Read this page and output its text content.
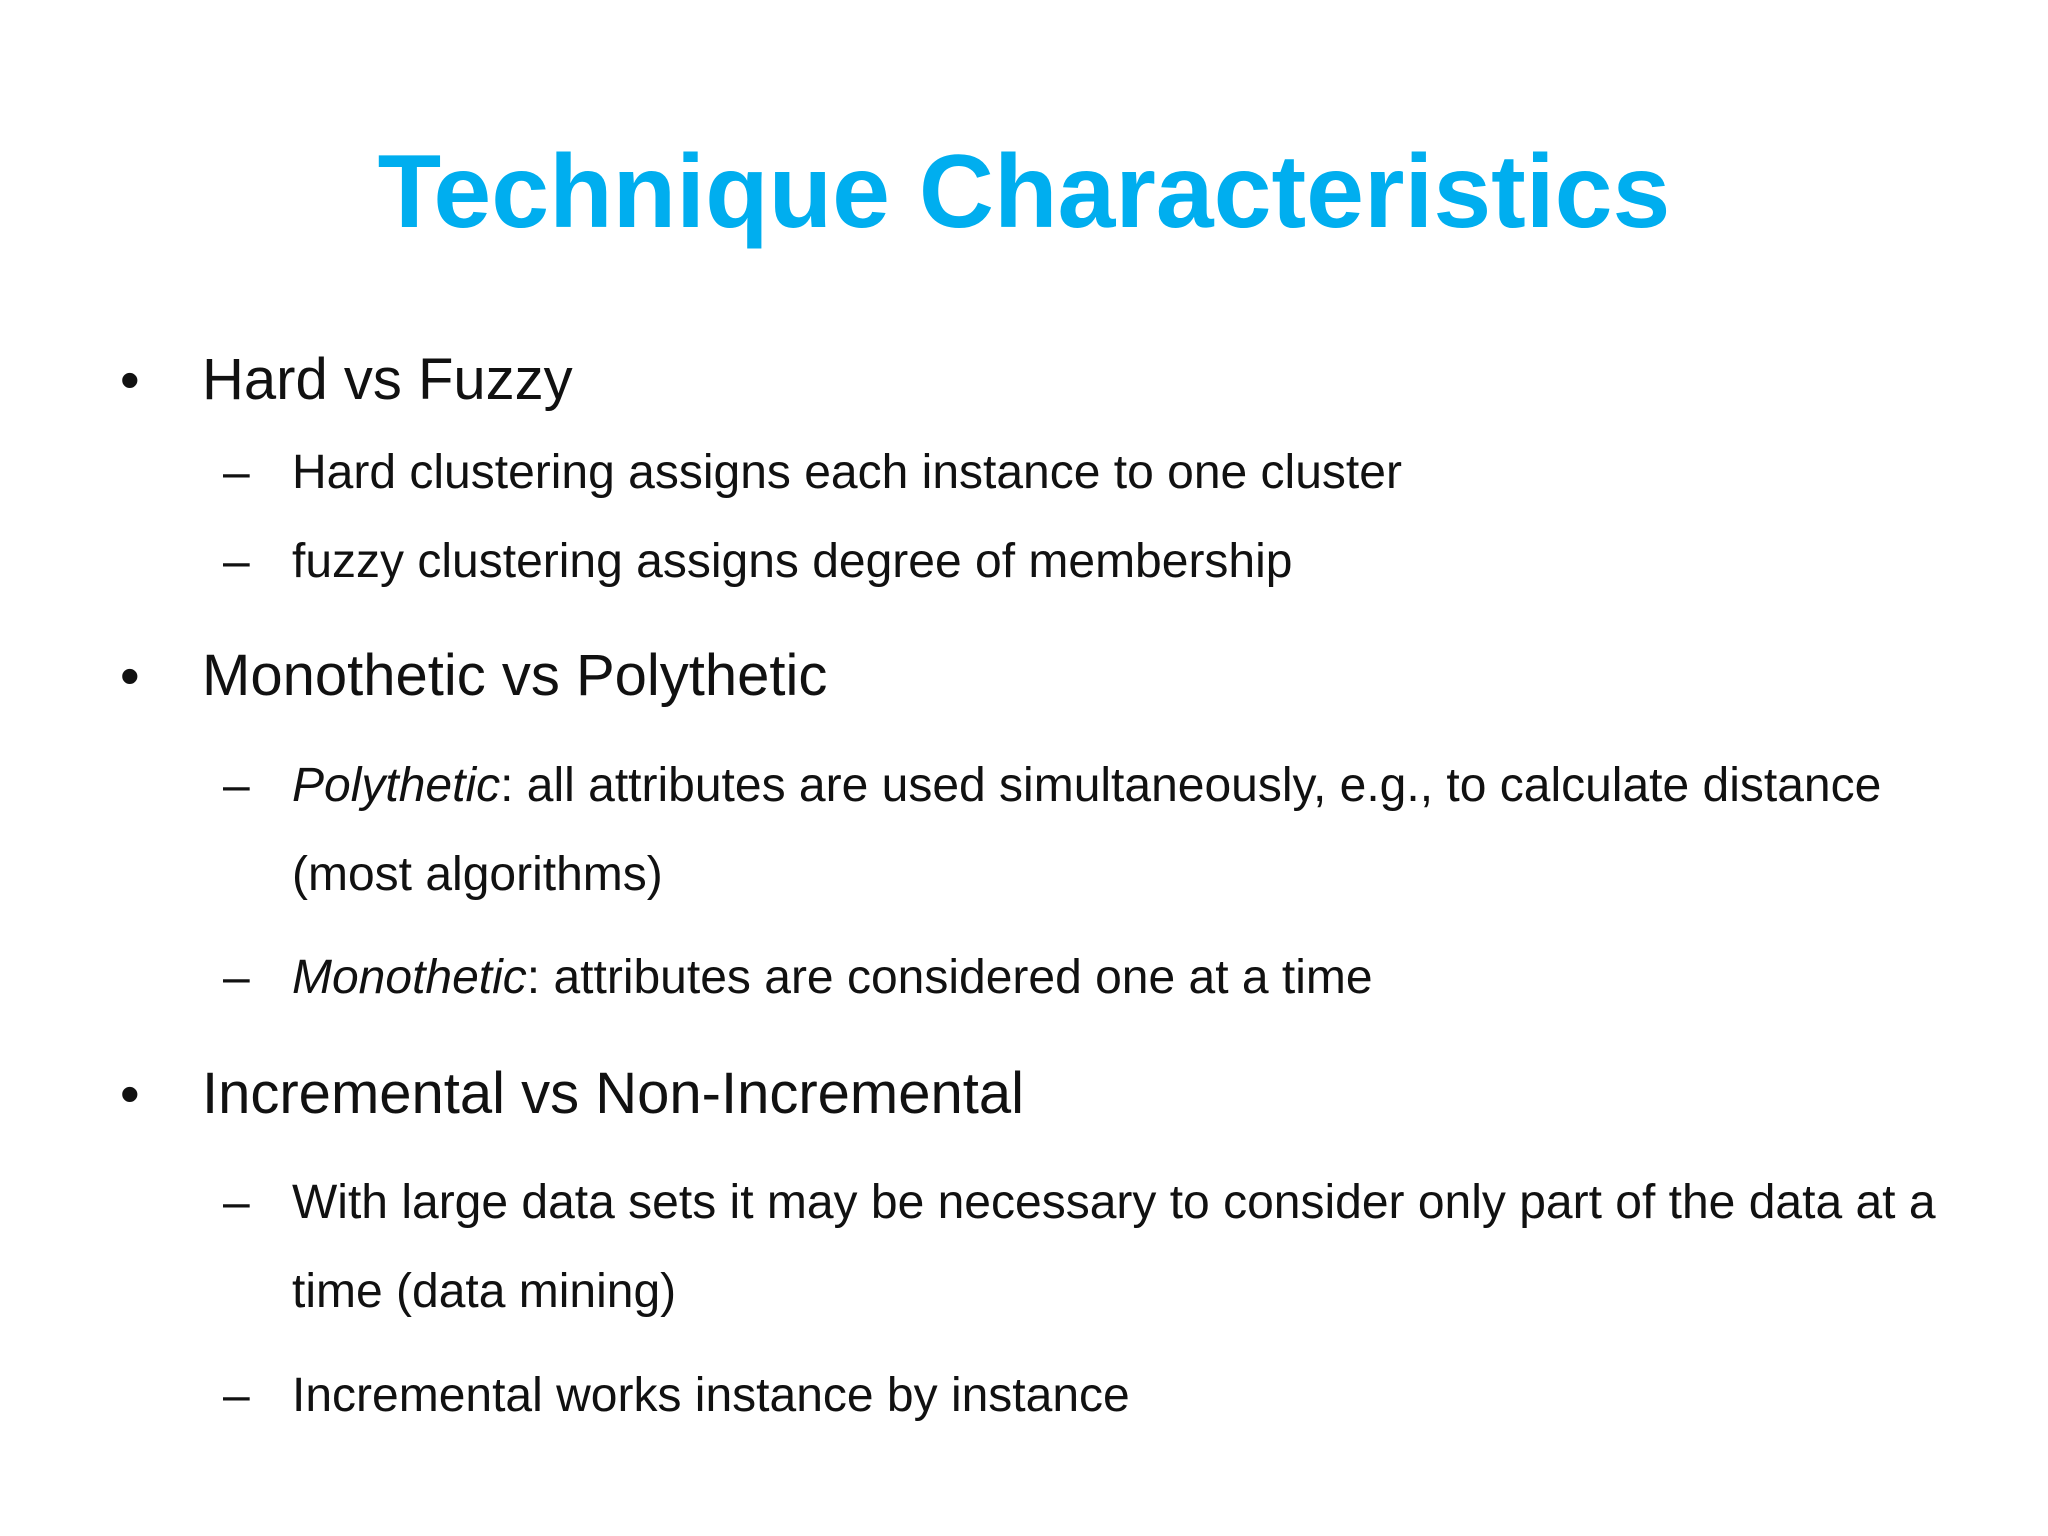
Technique Characteristics
•	Hard vs Fuzzy
– Hard clustering assigns each instance to one cluster
– fuzzy clustering assigns degree of membership
•	Monothetic vs Polythetic
– Polythetic: all attributes are used simultaneously, e.g., to calculate distance (most algorithms)
– Monothetic: attributes are considered one at a time
•	Incremental vs Non-Incremental
– With large data sets it may be necessary to consider only part of the data at a time (data mining)
– Incremental works instance by instance
